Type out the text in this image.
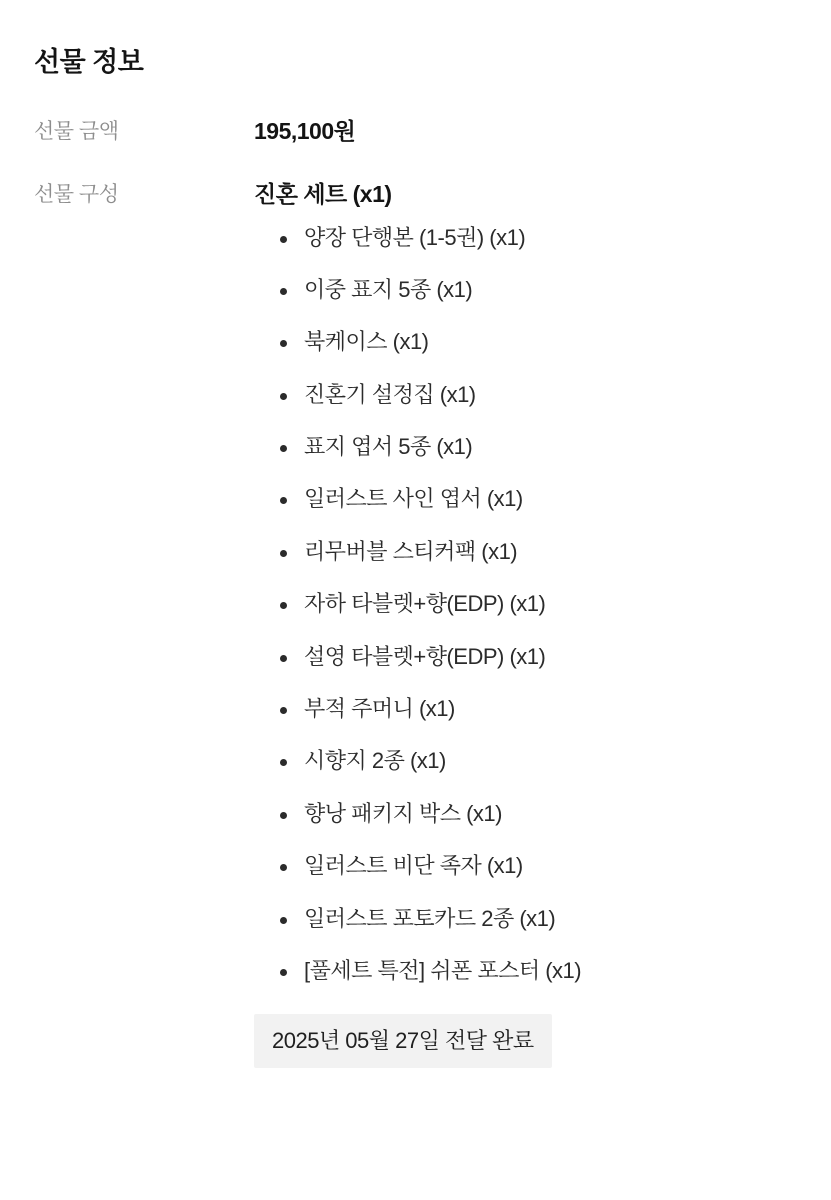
선물 정보
선물 금액	195,100원
선물 구성	진혼 세트 (x1)
양장 단행본 (1-5권) (x1)
이중 표지 5종 (x1)
북케이스 (x1)
진혼기 설정집 (x1)
표지 엽서 5종 (x1)
일러스트 사인 엽서 (x1)
리무버블 스티커팩 (x1)
자하 타블렛+향(EDP) (x1)
설영 타블렛+향(EDP) (x1)
부적 주머니 (x1)
시향지 2종 (x1)
향낭 패키지 박스 (x1)
일러스트 비단 족자 (x1)
일러스트 포토카드 2종 (x1)
[풀세트 특전] 쉬폰 포스터 (x1)
2025년 05월 27일 전달 완료
